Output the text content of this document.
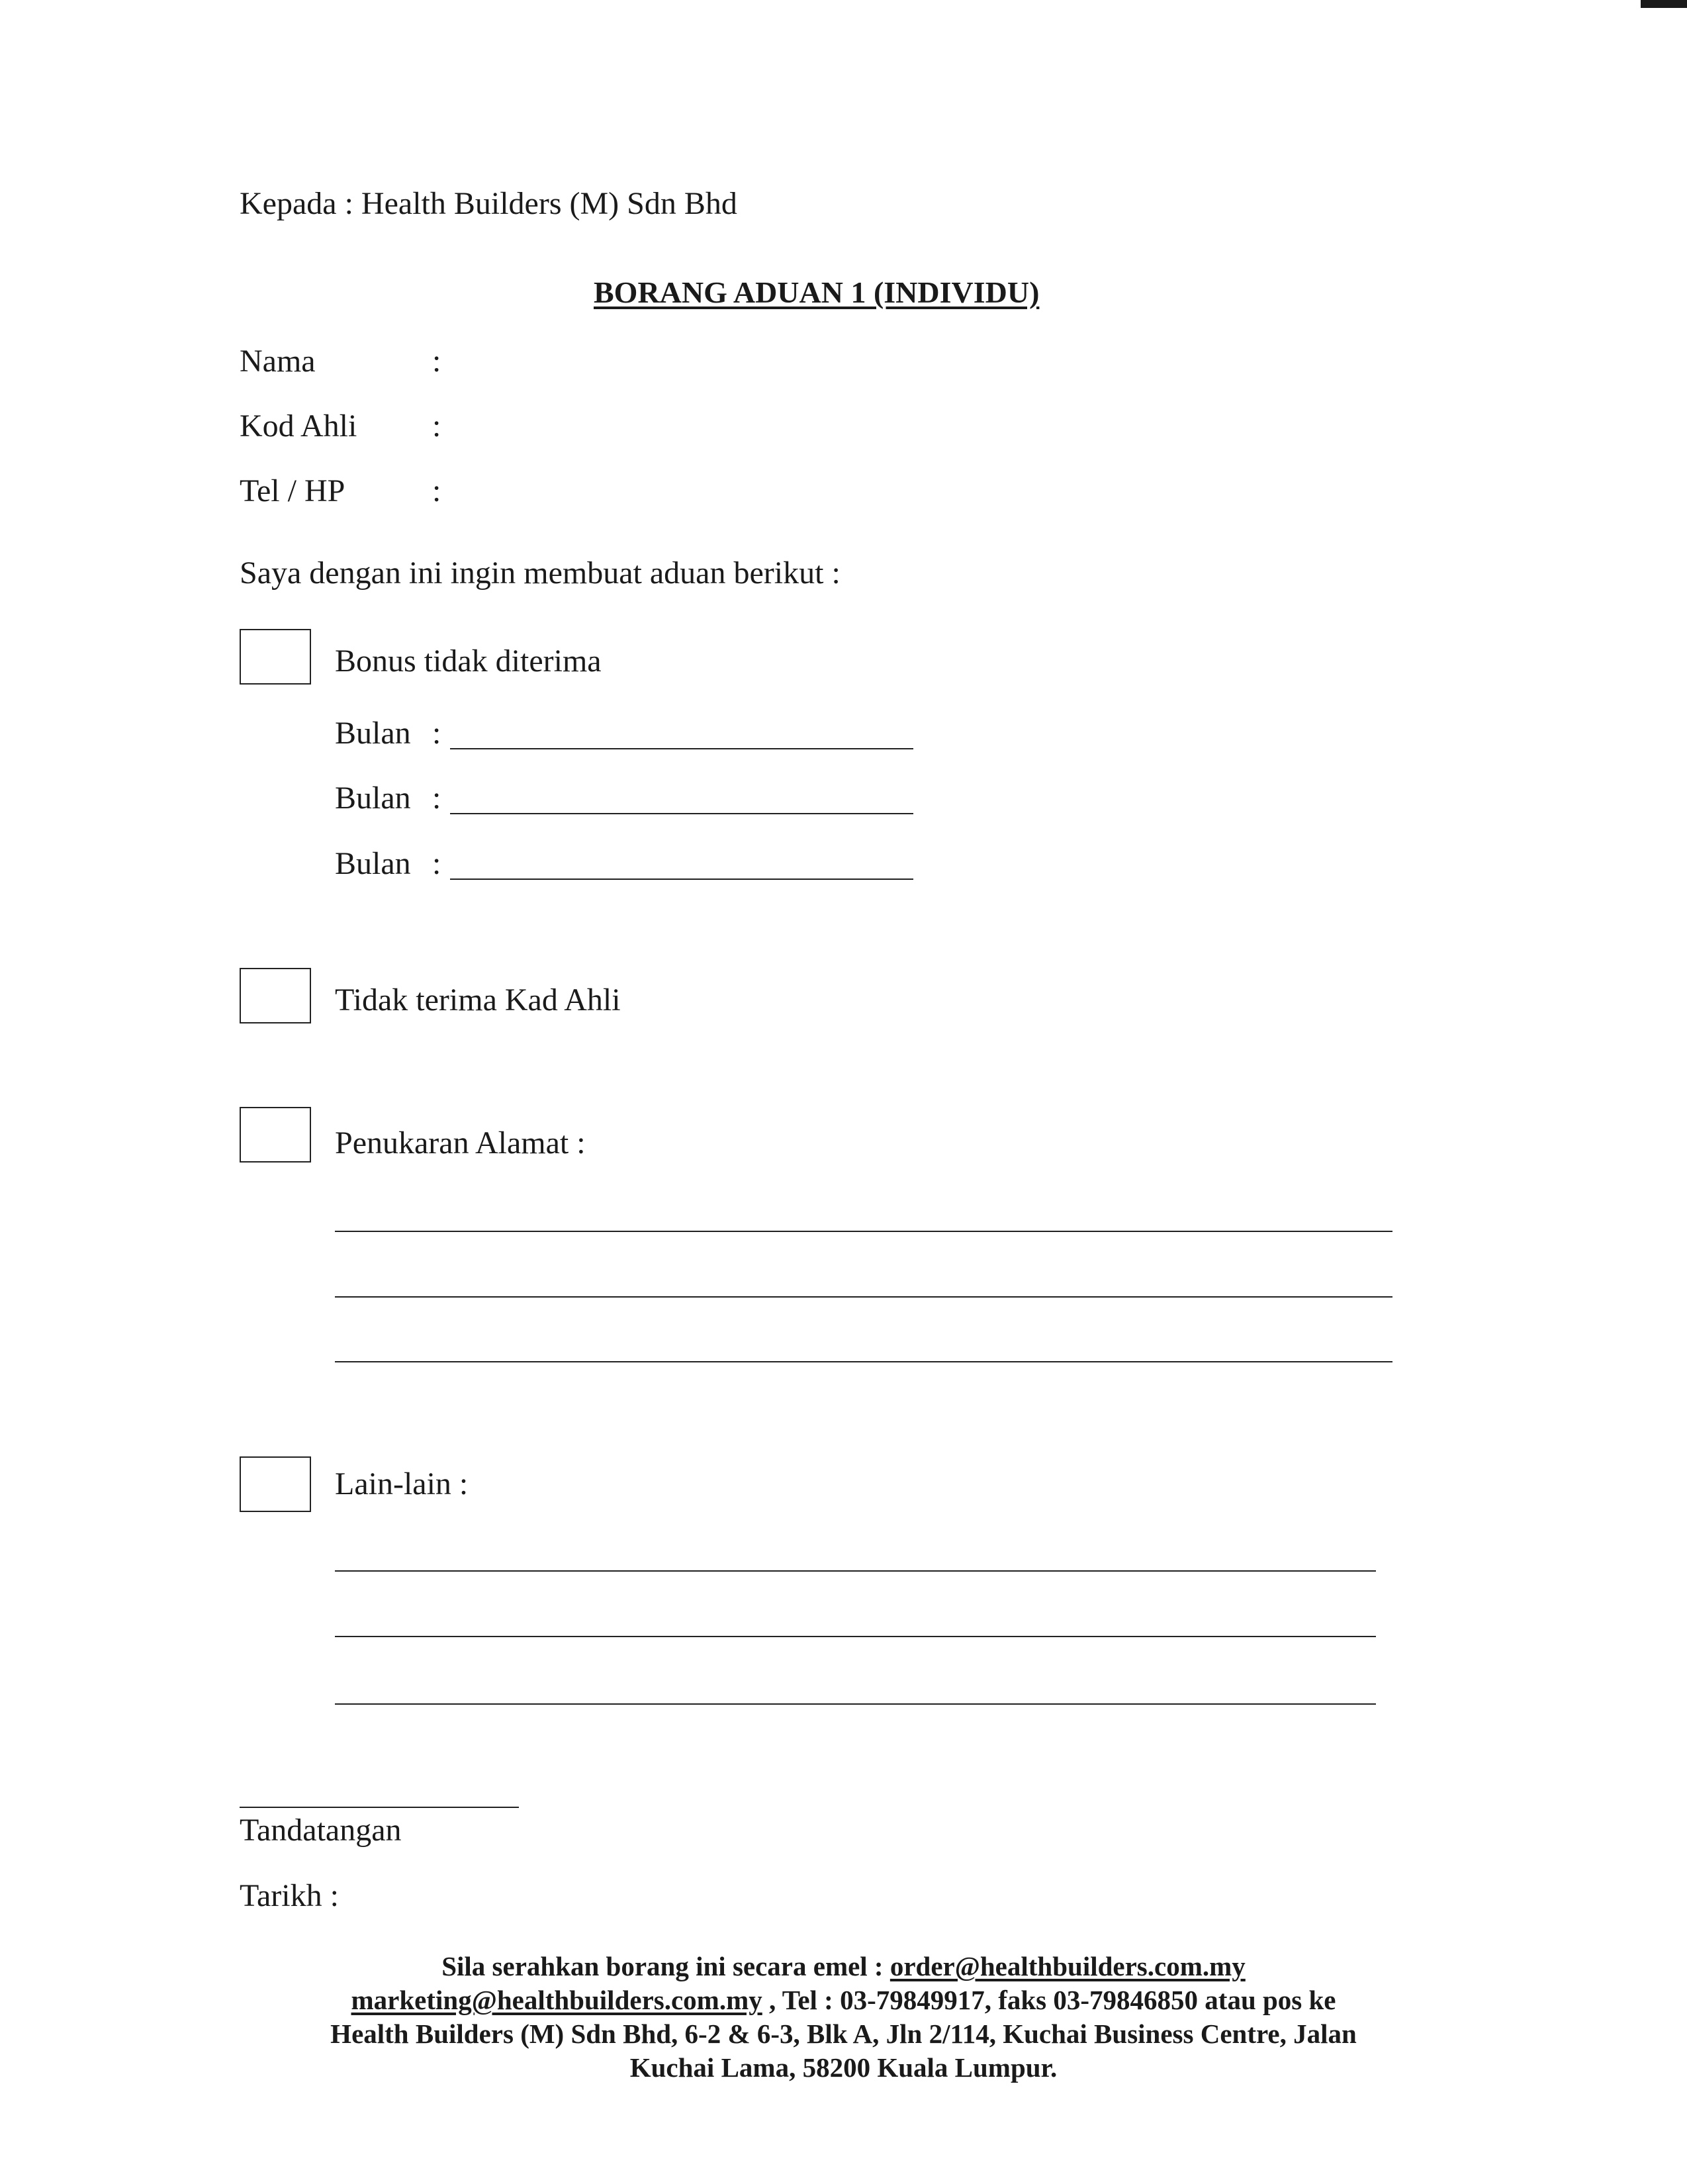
Kepada : Health Builders (M) Sdn Bhd
BORANG ADUAN 1 (INDIVIDU)
Nama	:
Kod Ahli :
Tel / HP	:
Saya dengan ini ingin membuat aduan berikut :
Bonus tidak diterima
Bulan :
Bulan :
Bulan :
Tidak terima Kad Ahli
Penukaran Alamat :
Lain-lain :
Tandatangan
Tarikh :
Sila serahkan borang ini secara emel : order@healthbuilders.com.my
marketing@healthbuilders.com.my , Tel : 03-79849917, faks 03-79846850 atau pos ke
Health Builders (M) Sdn Bhd, 6-2 & 6-3, Blk A, Jln 2/114, Kuchai Business Centre, Jalan
Kuchai Lama, 58200 Kuala Lumpur.
